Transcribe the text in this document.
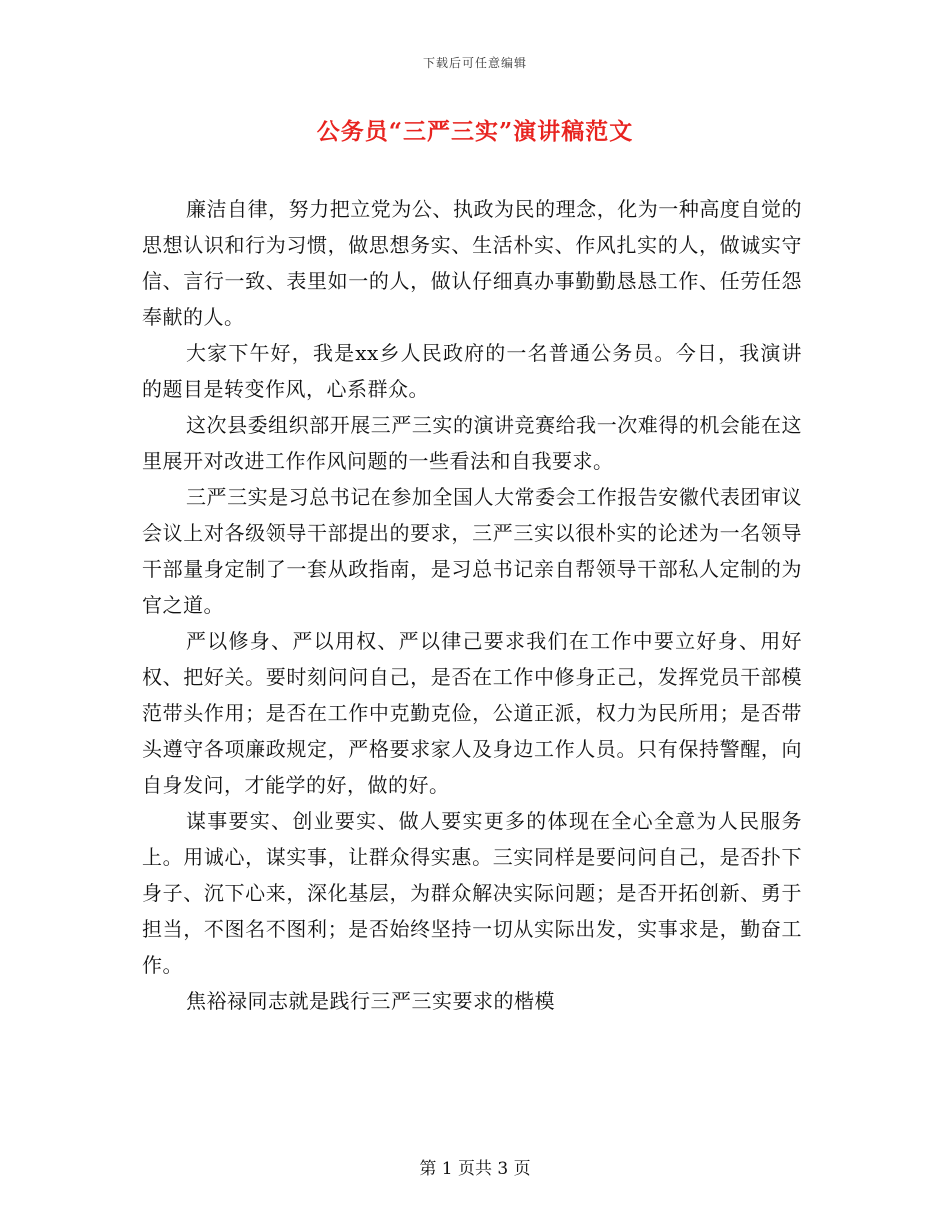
下载后可任意编辑
公务员“三严三实”演讲稿范文

廉洁自律，努力把立党为公、执政为民的理念，化为一种高度自觉的思想认识和行为习惯，做思想务实、生活朴实、作风扎实的人，做诚实守信、言行一致、表里如一的人，做认仔细真办事勤勤恳恳工作、任劳任怨奉献的人。

大家下午好，我是xx乡人民政府的一名普通公务员。今日，我演讲的题目是转变作风，心系群众。

这次县委组织部开展三严三实的演讲竞赛给我一次难得的机会能在这里展开对改进工作作风问题的一些看法和自我要求。

三严三实是习总书记在参加全国人大常委会工作报告安徽代表团审议会议上对各级领导干部提出的要求，三严三实以很朴实的论述为一名领导干部量身定制了一套从政指南，是习总书记亲自帮领导干部私人定制的为官之道。

严以修身、严以用权、严以律己要求我们在工作中要立好身、用好权、把好关。要时刻问问自己，是否在工作中修身正己，发挥党员干部模范带头作用；是否在工作中克勤克俭，公道正派，权力为民所用；是否带头遵守各项廉政规定，严格要求家人及身边工作人员。只有保持警醒，向自身发问，才能学的好，做的好。

谋事要实、创业要实、做人要实更多的体现在全心全意为人民服务上。用诚心，谋实事，让群众得实惠。三实同样是要问问自己，是否扑下身子、沉下心来，深化基层，为群众解决实际问题；是否开拓创新、勇于担当，不图名不图利；是否始终坚持一切从实际出发，实事求是，勤奋工作。

焦裕禄同志就是践行三严三实要求的楷模

第 1 页共 3 页
